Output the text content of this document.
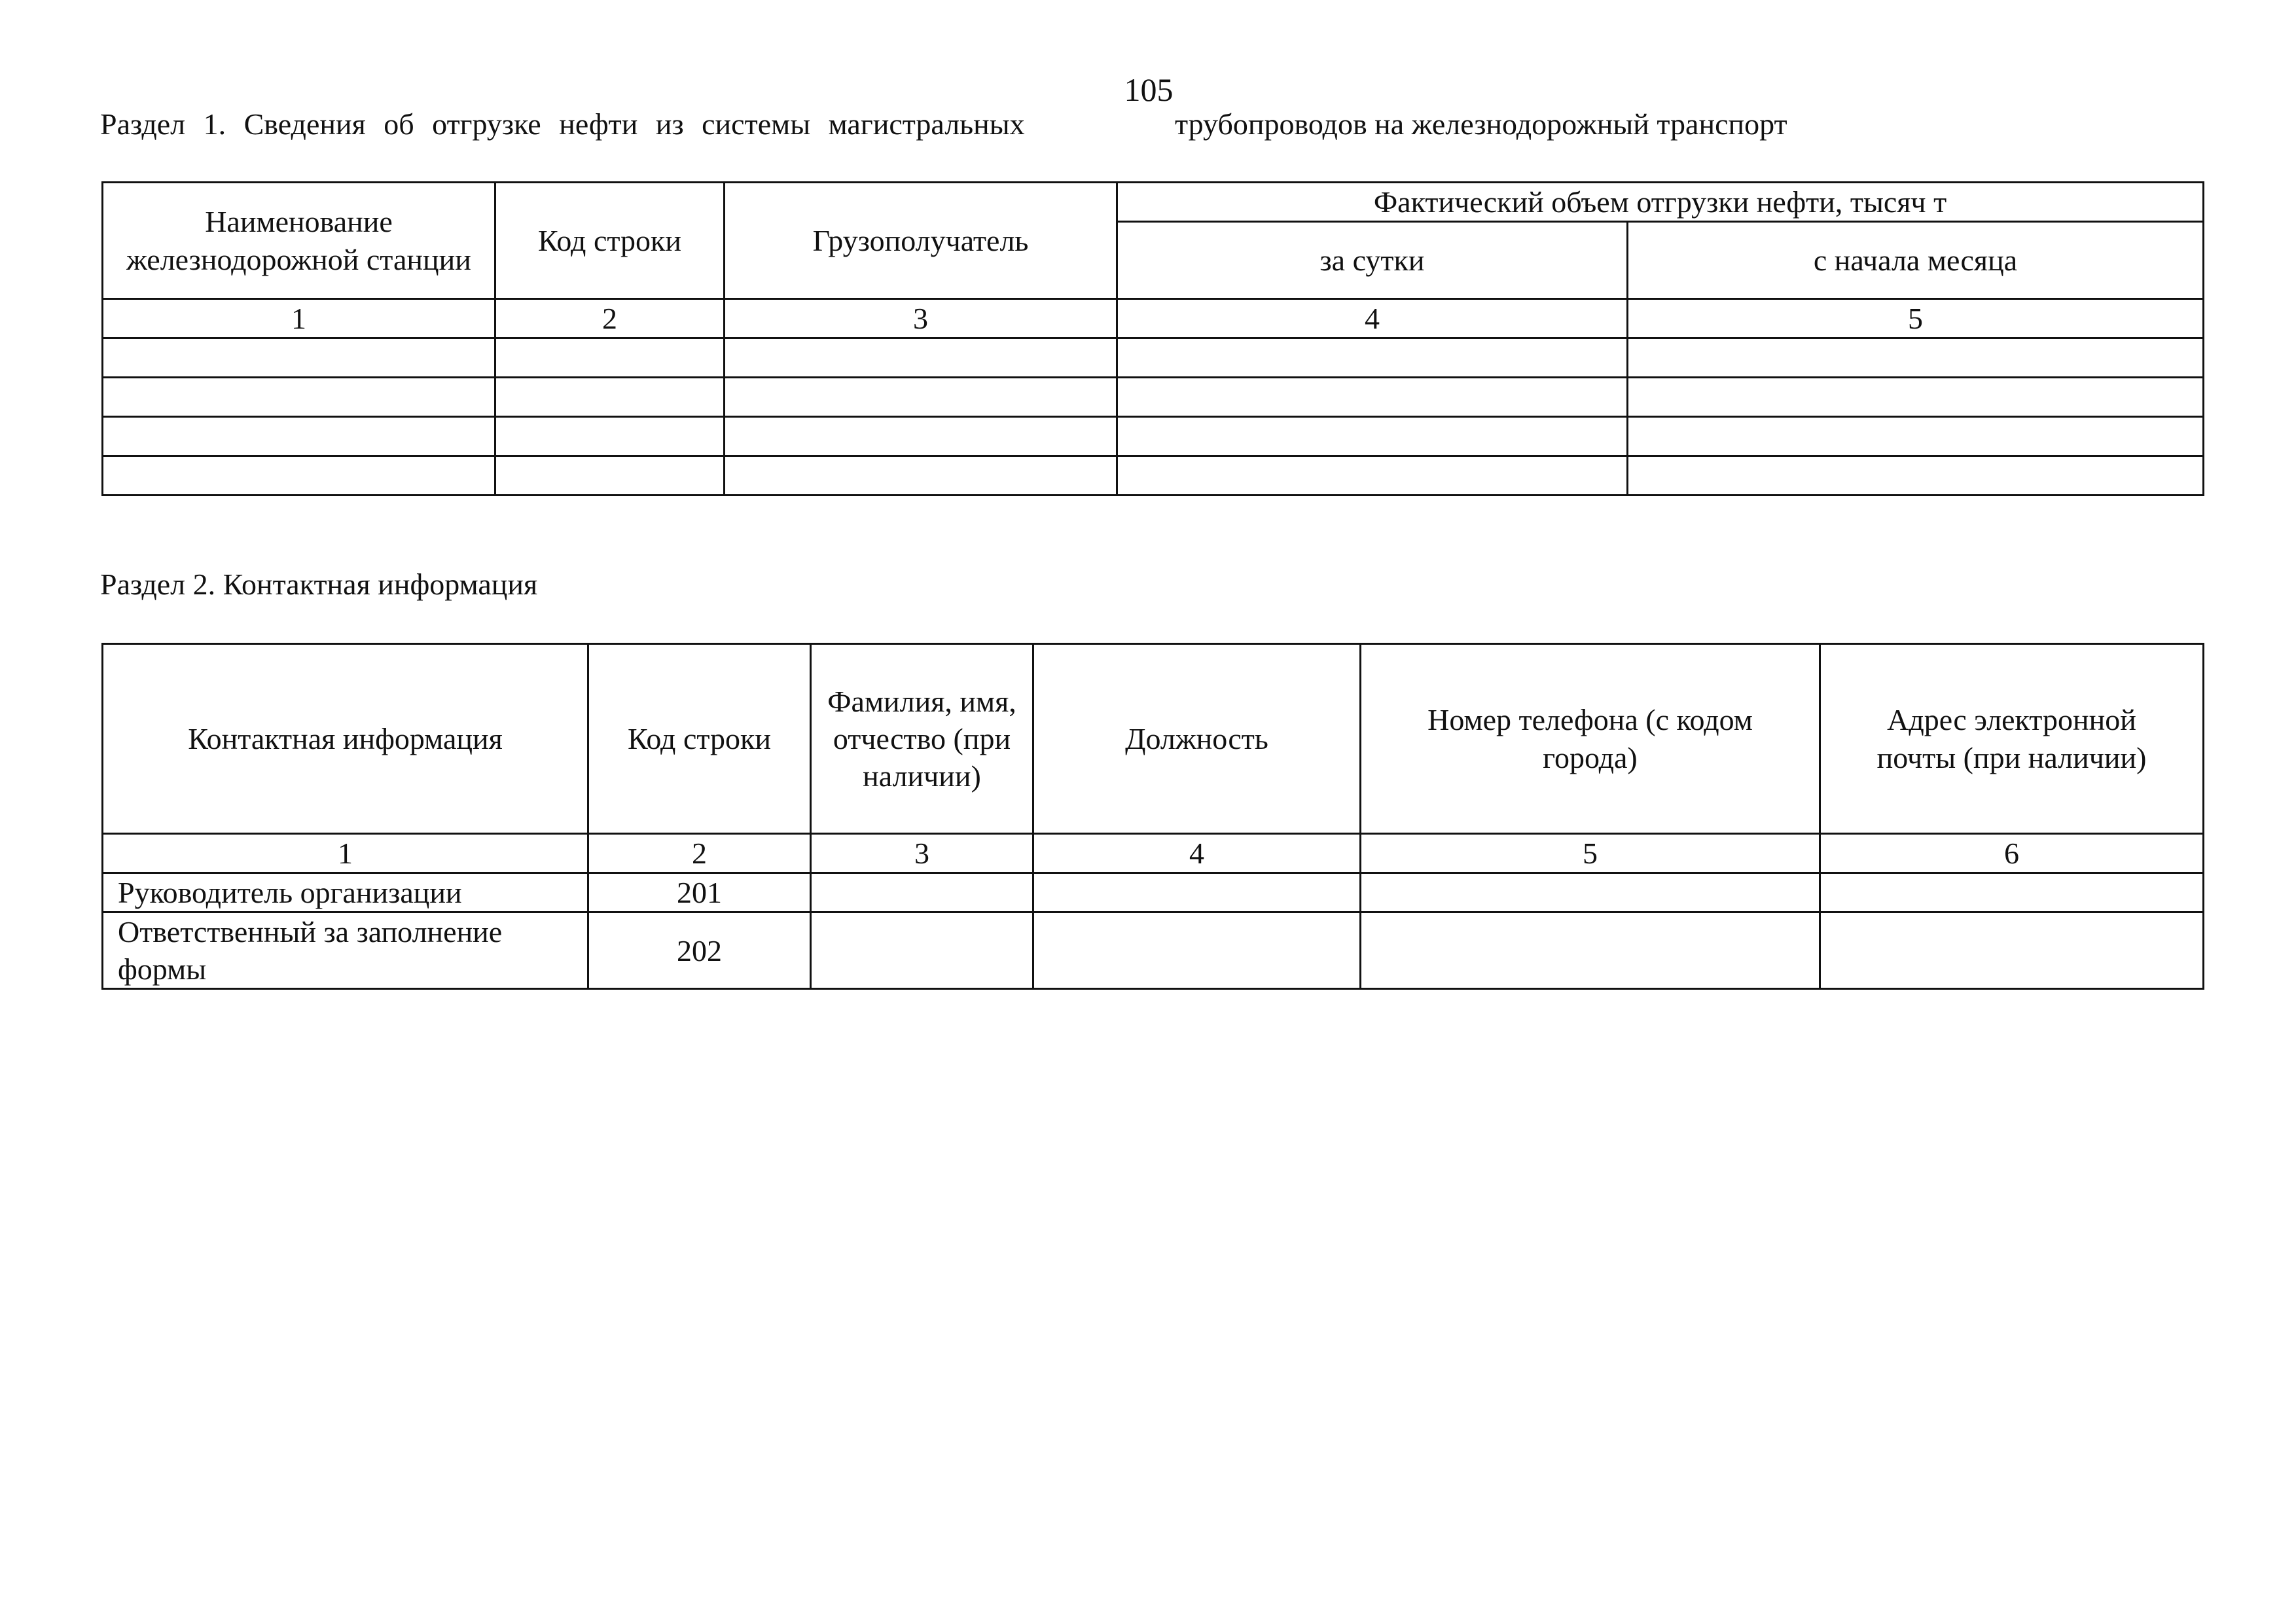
105
Раздел 1. Сведения об отгрузке нефти из системы магистральных	трубопроводов на железнодорожный транспорт
Наименование железнодорожной станции	Код строки	Грузополучатель	Фактический объем отгрузки нефти, тысяч т	
			за сутки	с начала месяца
1	2	3	4	5

Раздел 2. Контактная информация
Контактная информация	Код строки	Фамилия, имя, отчество (при наличии)	Должность	Номер телефона (с кодом города)	Адрес электронной почты (при наличии)
1	2	3	4	5	6
Руководитель организации	201				
Ответственный за заполнение формы	202				
